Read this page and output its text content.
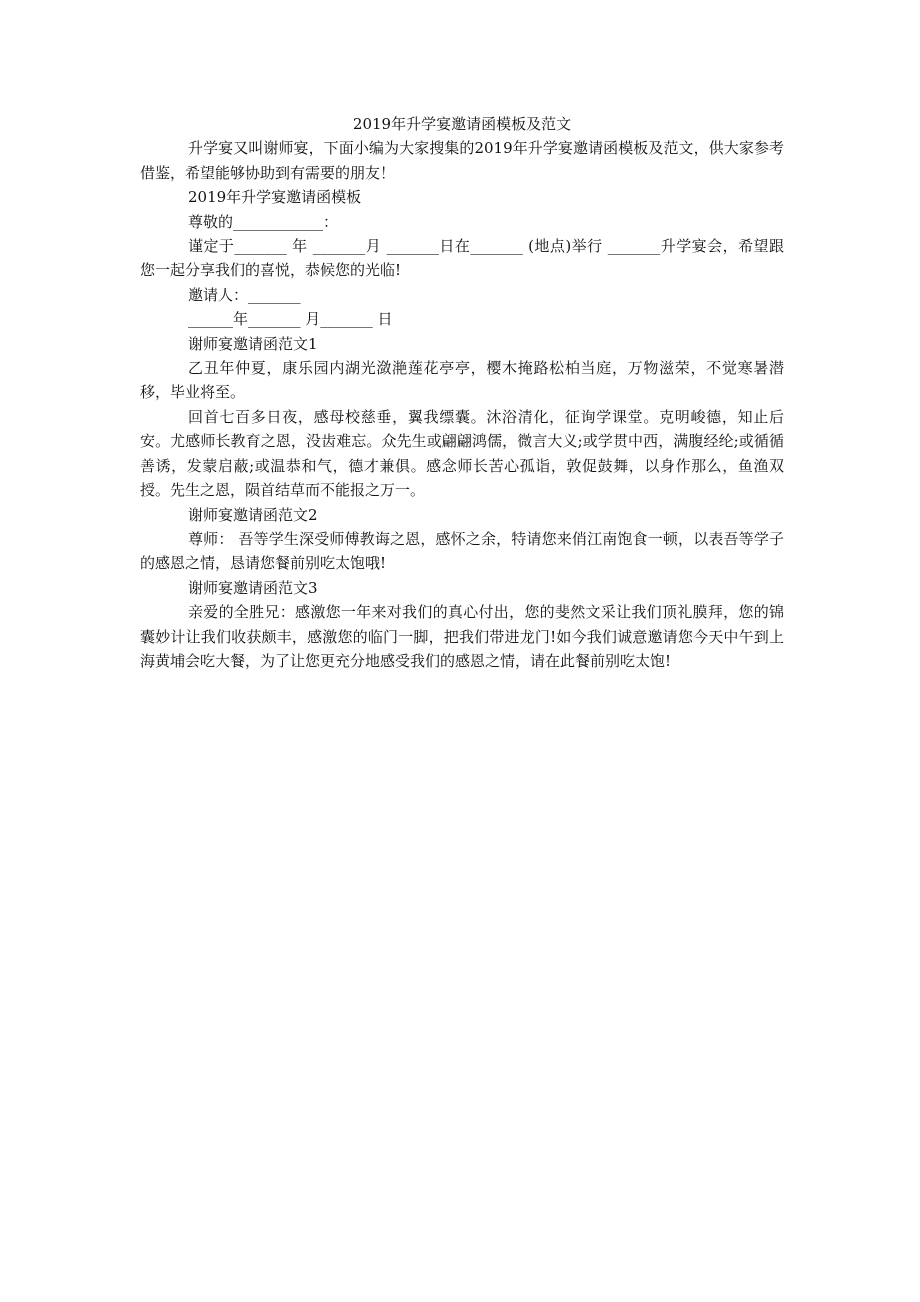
2019年升学宴邀请函模板及范文

升学宴又叫谢师宴，下面小编为大家搜集的2019年升学宴邀请函模板及范文，供大家参考借鉴，希望能够协助到有需要的朋友！

2019年升学宴邀请函模板

尊敬的____________：

谨定于_______ 年 _______月 _______日在_______ (地点)举行 _______升学宴会，希望跟您一起分享我们的喜悦，恭候您的光临!

邀请人：_______

______年_______ 月_______ 日

谢师宴邀请函范文1

乙丑年仲夏，康乐园内湖光潋滟莲花亭亭，樱木掩路松柏当庭，万物滋荣，不觉寒暑潜移，毕业将至。

回首七百多日夜，感母校慈垂，翼我缥囊。沐浴清化，征询学课堂。克明峻德，知止后安。尤感师长教育之恩，没齿难忘。众先生或翩翩鸿儒，微言大义;或学贯中西，满腹经纶;或循循善诱，发蒙启蔽;或温恭和气，德才兼俱。感念师长苦心孤诣，敦促鼓舞，以身作那么，鱼渔双授。先生之恩，陨首结草而不能报之万一。

谢师宴邀请函范文2

尊师： 吾等学生深受师傅教诲之恩，感怀之余，特请您来俏江南饱食一顿，以表吾等学子的感恩之情，恳请您餐前别吃太饱哦!

谢师宴邀请函范文3

亲爱的全胜兄：感激您一年来对我们的真心付出，您的斐然文采让我们顶礼膜拜，您的锦囊妙计让我们收获颇丰，感激您的临门一脚，把我们带进龙门!如今我们诚意邀请您今天中午到上海黄埔会吃大餐，为了让您更充分地感受我们的感恩之情，请在此餐前别吃太饱!
